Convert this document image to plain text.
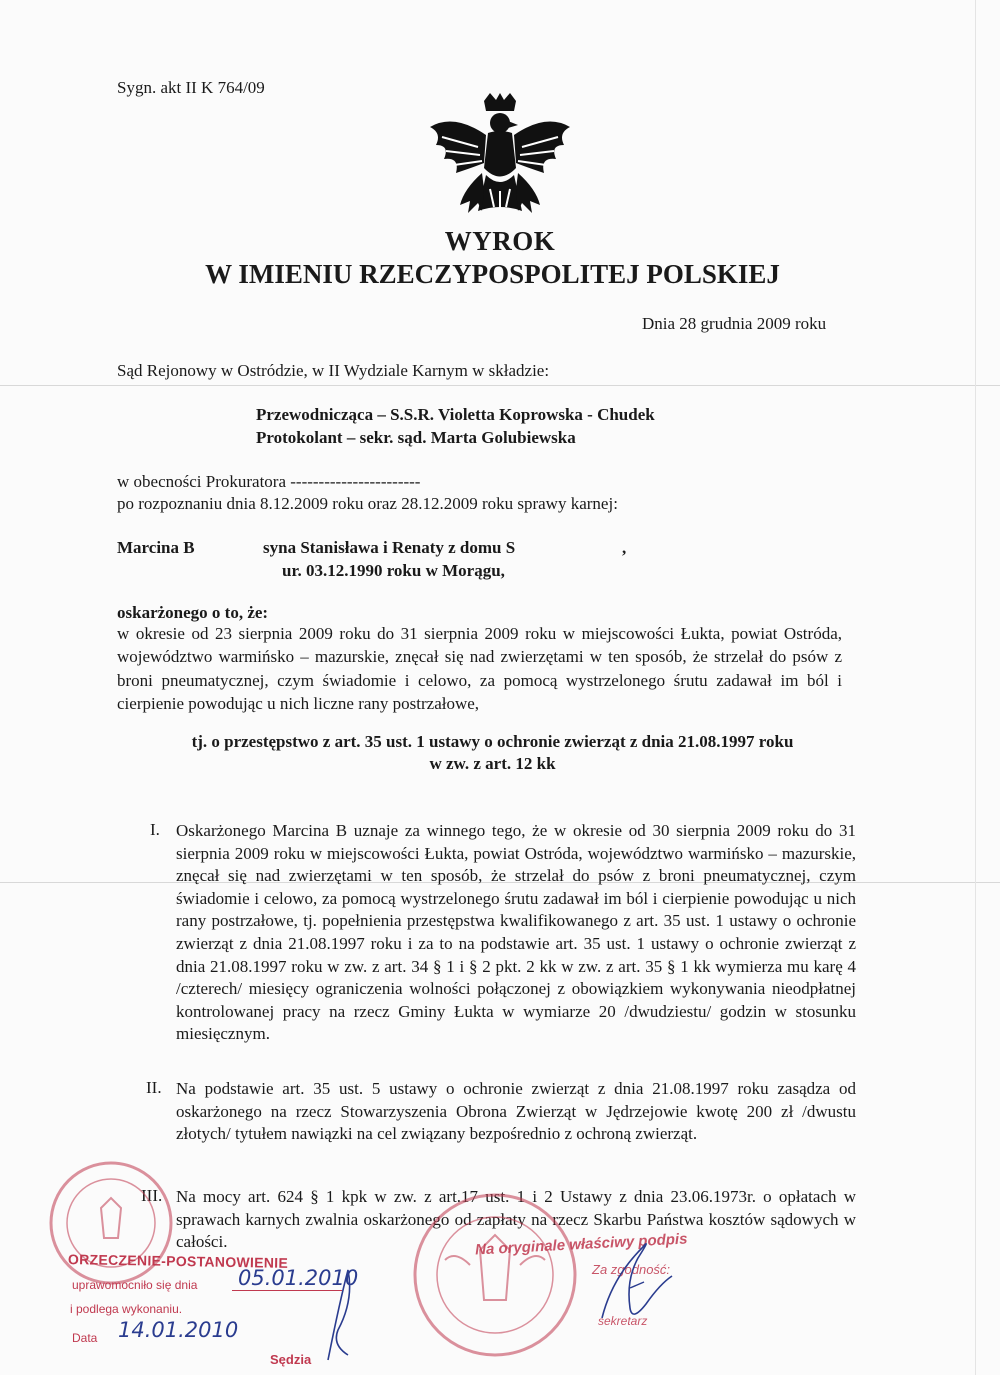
Sygn. akt II K 764/09
WYROK
W IMIENIU RZECZYPOSPOLITEJ POLSKIEJ
Dnia 28 grudnia 2009 roku
Sąd Rejonowy w Ostródzie, w II Wydziale Karnym w składzie:
Przewodnicząca – S.S.R. Violetta Koprowska - Chudek
Protokolant – sekr. sąd. Marta Golubiewska
w obecności Prokuratora -----------------------
po rozpoznaniu dnia 8.12.2009 roku oraz 28.12.2009 roku sprawy karnej:
Marcina B	syna Stanisława i Renaty z domu S	,
ur. 03.12.1990 roku w Morągu,
oskarżonego o to, że:
w okresie od 23 sierpnia 2009 roku do 31 sierpnia 2009 roku w miejscowości Łukta, powiat Ostróda, województwo warmińsko – mazurskie, znęcał się nad zwierzętami w ten sposób, że strzelał do psów z broni pneumatycznej, czym świadomie i celowo, za pomocą wystrzelonego śrutu zadawał im ból i cierpienie powodując u nich liczne rany postrzałowe,
tj. o przestępstwo z art. 35 ust. 1 ustawy o ochronie zwierząt z dnia 21.08.1997 roku
w zw. z art. 12 kk
I. Oskarżonego Marcina B uznaje za winnego tego, że w okresie od 30 sierpnia 2009 roku do 31 sierpnia 2009 roku w miejscowości Łukta, powiat Ostróda, województwo warmińsko – mazurskie, znęcał się nad zwierzętami w ten sposób, że strzelał do psów z broni pneumatycznej, czym świadomie i celowo, za pomocą wystrzelonego śrutu zadawał im ból i cierpienie powodując u nich rany postrzałowe, tj. popełnienia przestępstwa kwalifikowanego z art. 35 ust. 1 ustawy o ochronie zwierząt z dnia 21.08.1997 roku i za to na podstawie art. 35 ust. 1 ustawy o ochronie zwierząt z dnia 21.08.1997 roku w zw. z art. 34 § 1 i § 2 pkt. 2 kk w zw. z art. 35 § 1 kk wymierza mu karę 4 /czterech/ miesięcy ograniczenia wolności połączonej z obowiązkiem wykonywania nieodpłatnej kontrolowanej pracy na rzecz Gminy Łukta w wymiarze 20 /dwudziestu/ godzin w stosunku miesięcznym.
II. Na podstawie art. 35 ust. 5 ustawy o ochronie zwierząt z dnia 21.08.1997 roku zasądza od oskarżonego na rzecz Stowarzyszenia Obrona Zwierząt w Jędrzejowie kwotę 200 zł /dwustu złotych/ tytułem nawiązki na cel związany bezpośrednio z ochroną zwierząt.
III. Na mocy art. 624 § 1 kpk w zw. z art.17 ust. 1 i 2 Ustawy z dnia 23.06.1973r. o opłatach w sprawach karnych zwalnia oskarżonego od zapłaty na rzecz Skarbu Państwa kosztów sądowych w całości.
ORZECZENIE-POSTANOWIENIE
uprawomocniło się dnia 05.01.2010
i podlega wykonaniu.
Data 14.01.2010
Sędzia
Na oryginale właściwy podpis
Za zgodność:
sekretarz
